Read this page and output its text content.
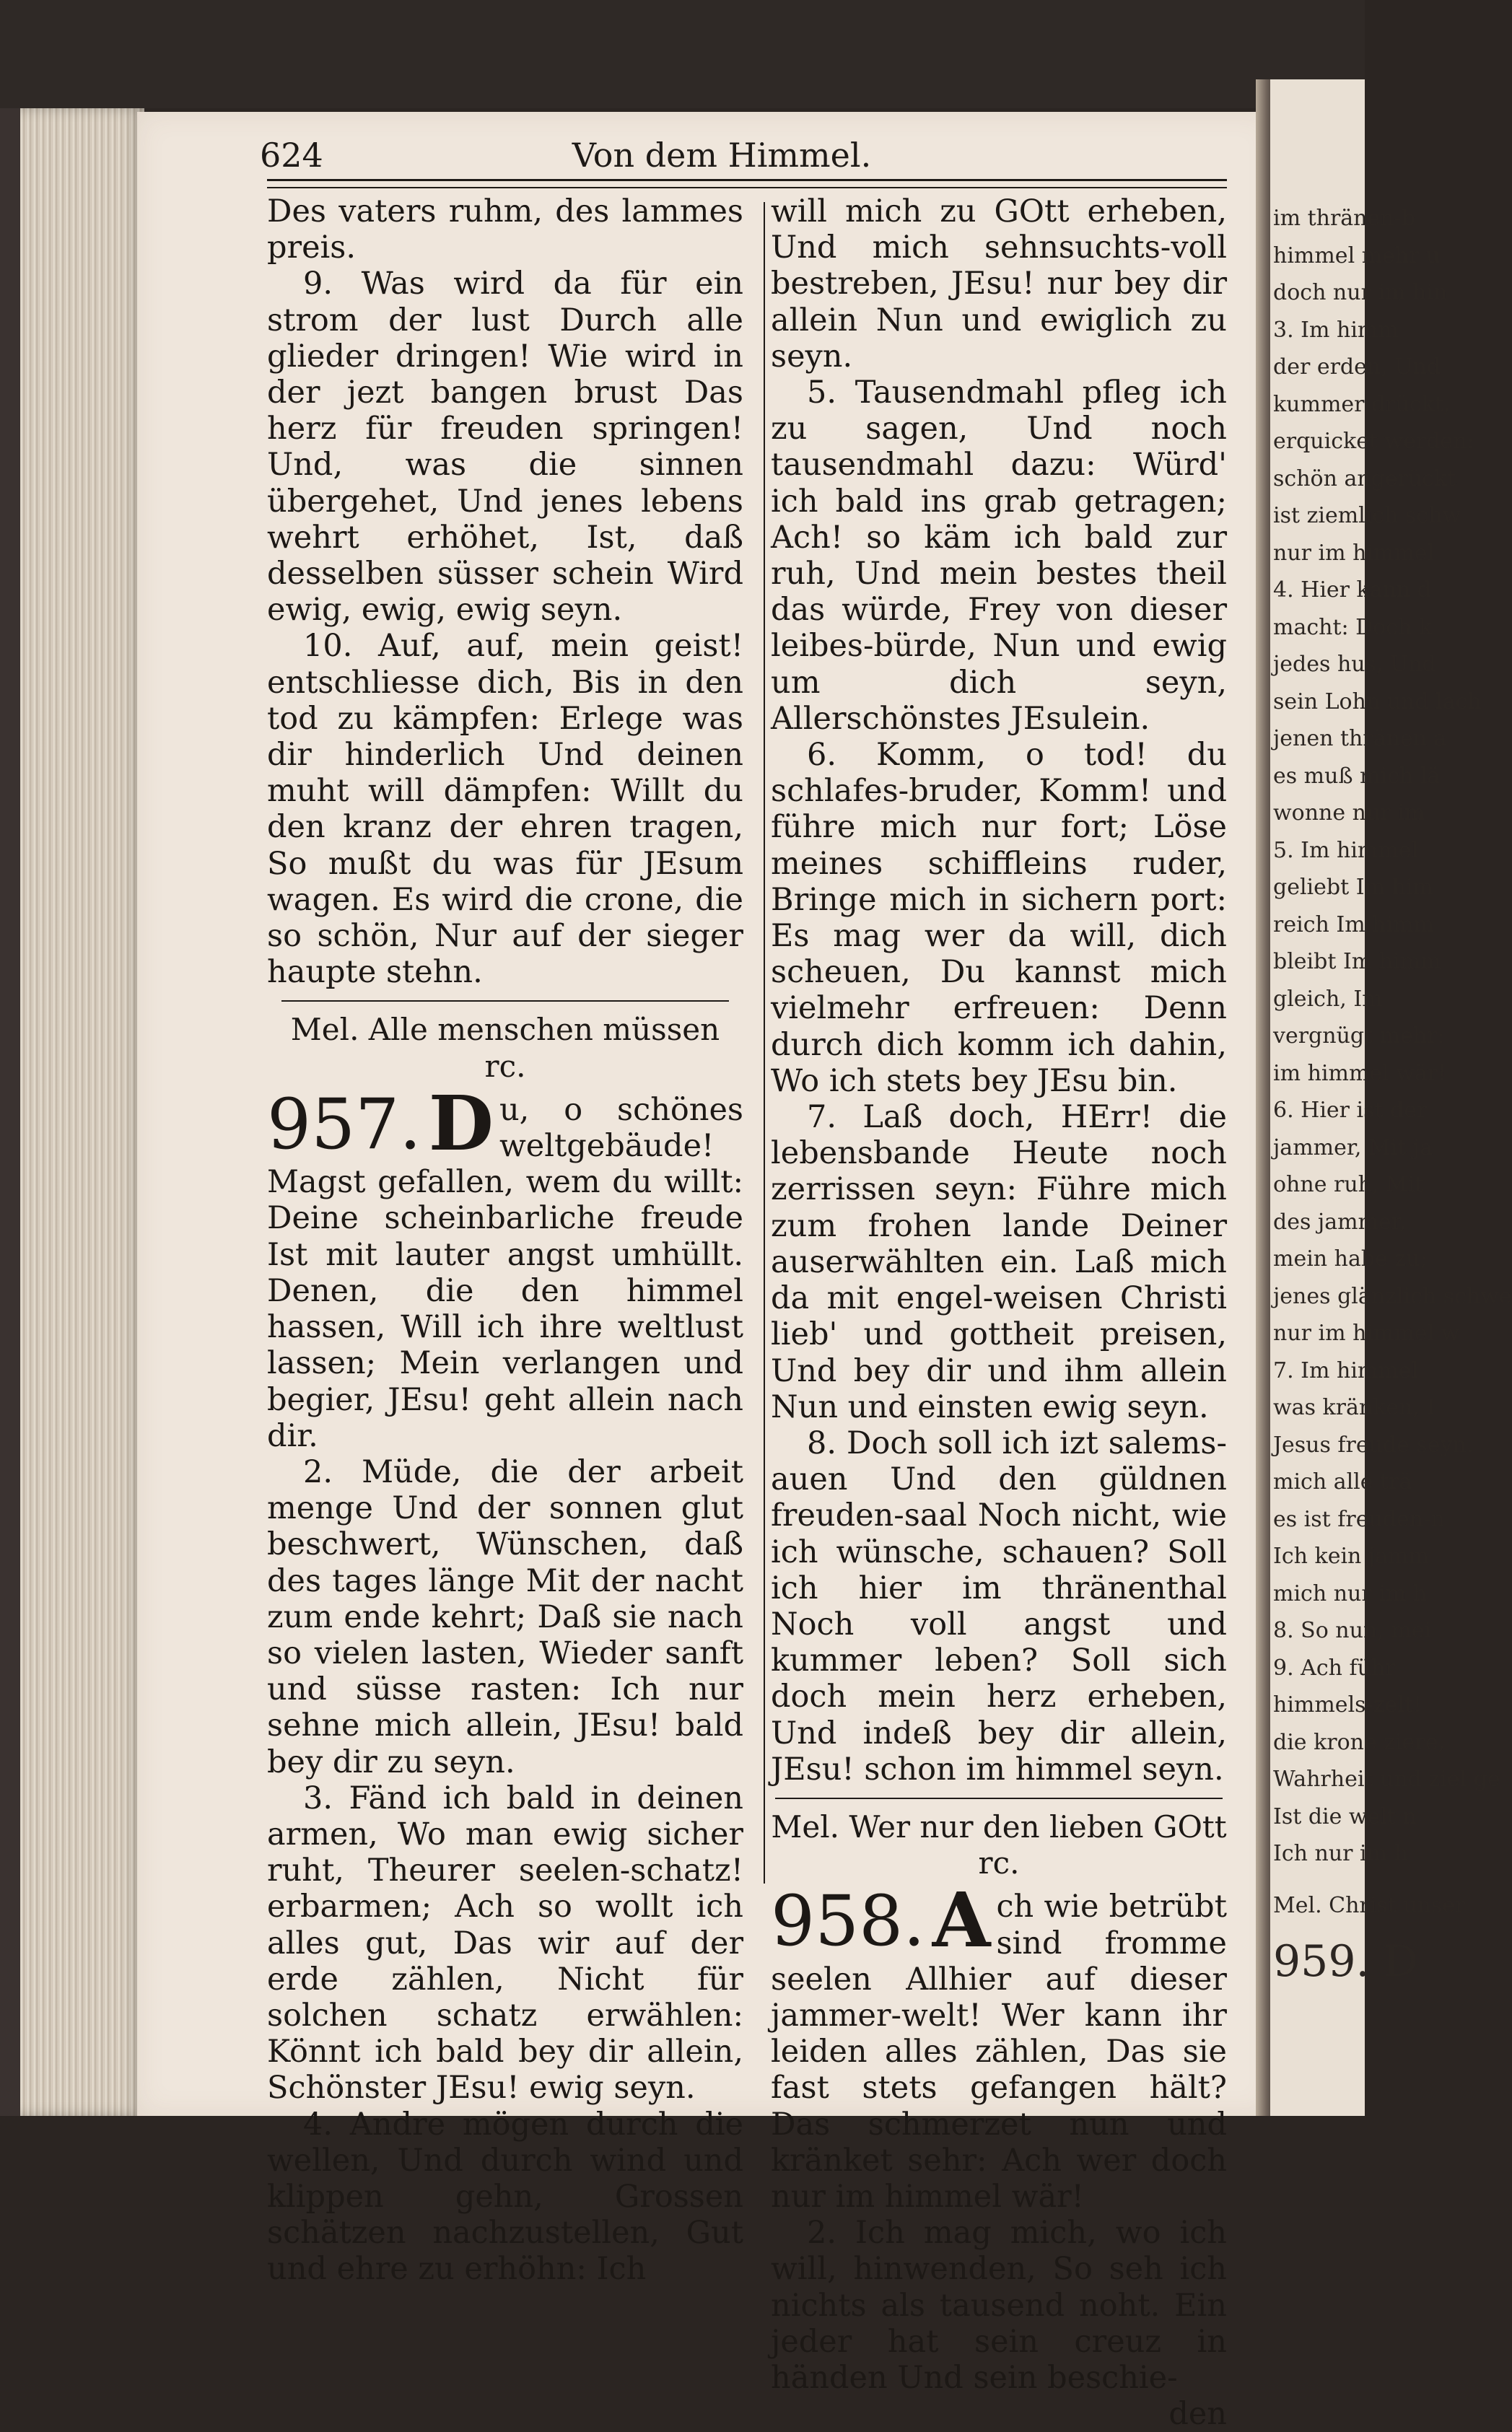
624	Von dem Himmel.

Des vaters ruhm, des lammes preis.

9. Was wird da für ein strom der lust Durch alle glieder dringen! Wie wird in der jezt bangen brust Das herz für freuden springen! Und, was die sinnen übergehet, Und jenes lebens wehrt erhöhet, Ist, daß desselben süsser schein Wird ewig, ewig, ewig seyn.

10. Auf, auf, mein geist! entschliesse dich, Bis in den tod zu kämpfen: Erlege was dir hinderlich Und deinen muht will dämpfen: Willt du den kranz der ehren tragen, So mußt du was für JEsum wagen. Es wird die crone, die so schön, Nur auf der sieger haupte stehn.

Mel. Alle menschen müssen rc.

957. D u, o schönes weltgebäude! Magst gefallen, wem du willt: Deine scheinbarliche freude Ist mit lauter angst umhüllt. Denen, die den himmel hassen, Will ich ihre weltlust lassen; Mein verlangen und begier, JEsu! geht allein nach dir.

2. Müde, die der arbeit menge Und der sonnen glut beschwert, Wünschen, daß des tages länge Mit der nacht zum ende kehrt; Daß sie nach so vielen lasten, Wieder sanft und süsse rasten: Ich nur sehne mich allein, JEsu! bald bey dir zu seyn.

3. Fänd ich bald in deinen armen, Wo man ewig sicher ruht, Theurer seelen-schatz! erbarmen; Ach so wollt ich alles gut, Das wir auf der erde zählen, Nicht für solchen schatz erwählen: Könnt ich bald bey dir allein, Schönster JEsu! ewig seyn.

4. Andre mögen durch die wellen, Und durch wind und klippen gehn, Grossen schätzen nachzustellen, Gut und ehre zu erhöhn: Ich

will mich zu GOtt erheben, Und mich sehnsuchts-voll bestreben, JEsu! nur bey dir allein Nun und ewiglich zu seyn.

5. Tausendmahl pfleg ich zu sagen, Und noch tausendmahl dazu: Würd' ich bald ins grab getragen; Ach! so käm ich bald zur ruh, Und mein bestes theil das würde, Frey von dieser leibes-bürde, Nun und ewig um dich seyn, Allerschönstes JEsulein.

6. Komm, o tod! du schlafes-bruder, Komm! und führe mich nur fort; Löse meines schiffleins ruder, Bringe mich in sichern port: Es mag wer da will, dich scheuen, Du kannst mich vielmehr erfreuen: Denn durch dich komm ich dahin, Wo ich stets bey JEsu bin.

7. Laß doch, HErr! die lebensbande Heute noch zerrissen seyn: Führe mich zum frohen lande Deiner auserwählten ein. Laß mich da mit engel-weisen Christi lieb' und gottheit preisen, Und bey dir und ihm allein Nun und einsten ewig seyn.

8. Doch soll ich izt salems-auen Und den güldnen freuden-saal Noch nicht, wie ich wünsche, schauen? Soll ich hier im thränenthal Noch voll angst und kummer leben? Soll sich doch mein herz erheben, Und indeß bey dir allein, JEsu! schon im himmel seyn.

Mel. Wer nur den lieben GOtt rc.

958. A ch wie betrübt sind fromme seelen Allhier auf dieser jammer-welt! Wer kann ihr leiden alles zählen, Das sie fast stets gefangen hält? Das schmerzet nun und kränket sehr: Ach wer doch nur im himmel wär!

2. Ich mag mich, wo ich will, hinwenden, So seh ich nichts als tausend noht. Ein jeder hat sein creuz in händen Und sein beschie-

den

im thränen-b
himmel mehr u
doch nur im hin
3. Im himm
der erden, Und
kummer drückt,
erquicket werden:
schön angerückt
ist ziemlich schw
nur im himmel
4. Hier kann d
macht: Doch k
jedes hus, Und
sein Lohn und lach
jenen thränen a
es muß mich lä
wonne nur im
5. Im himmel
geliebt Im him
reich Im himm
bleibt Im himm
gleich, Im
vergnügt mehr:
im himmel wär!
6. Hier ist der
jammer, Mit ja
ohne ruh, Mit
des jammer,
mein habe zu;
jenes glänzlich schwe
nur im himmel w
7. Im himmel
was kränken, I
Jesus freude seyn.
mich alle trä
es ist freuden-n
Ich kein jamm
mich nur im h
8. So nun, mei
9. Ach führ
himmels-zelt!
die krone ziere,
Wahrheit und ziel ge
Ist die welt n
Ich nur im h
Mel. Christ unser
959. D
